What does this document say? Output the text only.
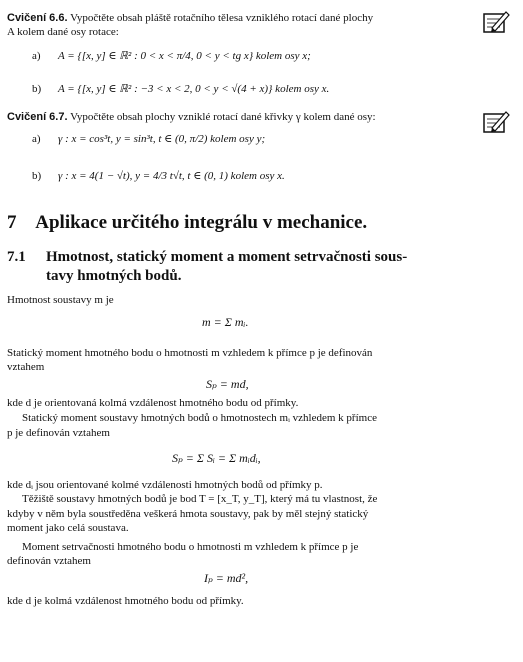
Cvičení 6.6. Vypočtěte obsah pláště rotačního tělesa vzniklého rotací dané plochy
A kolem dané osy rotace:
a) A = {[x, y] ∈ ℝ² : 0 < x < π/4, 0 < y < tg x} kolem osy x;
b) A = {[x, y] ∈ ℝ² : −3 < x < 2, 0 < y < √(4 + x)} kolem osy x.
Cvičení 6.7. Vypočtěte obsah plochy vzniklé rotací dané křivky γ kolem dané osy:
a) γ : x = cos³t, y = sin³t, t ∈ (0, π/2) kolem osy y;
b) γ : x = 4(1 − √t), y = 4/3 t√t, t ∈ (0, 1) kolem osy x.
7 Aplikace určitého integrálu v mechanice.
7.1 Hmotnost, statický moment a moment setrvačnosti sous-
tavy hmotných bodů.
Hmotnost soustavy m je
m = Σ mᵢ.
Statický moment hmotného bodu o hmotnosti m vzhledem k přímce p je definován
vztahem
Sₚ = md,
kde d je orientovaná kolmá vzdálenost hmotného bodu od přímky.
Statický moment soustavy hmotných bodů o hmotnostech mᵢ vzhledem k přímce
p je definován vztahem
Sₚ = Σ Sᵢ = Σ mᵢdᵢ,
kde dᵢ jsou orientované kolmé vzdálenosti hmotných bodů od přímky p.
Těžiště soustavy hmotných bodů je bod T = [x_T, y_T], který má tu vlastnost, že
kdyby v něm byla soustředěna veškerá hmota soustavy, pak by měl stejný statický
moment jako celá soustava.
Moment setrvačnosti hmotného bodu o hmotnosti m vzhledem k přímce p je
definován vztahem
Iₚ = md²,
kde d je kolmá vzdálenost hmotného bodu od přímky.
